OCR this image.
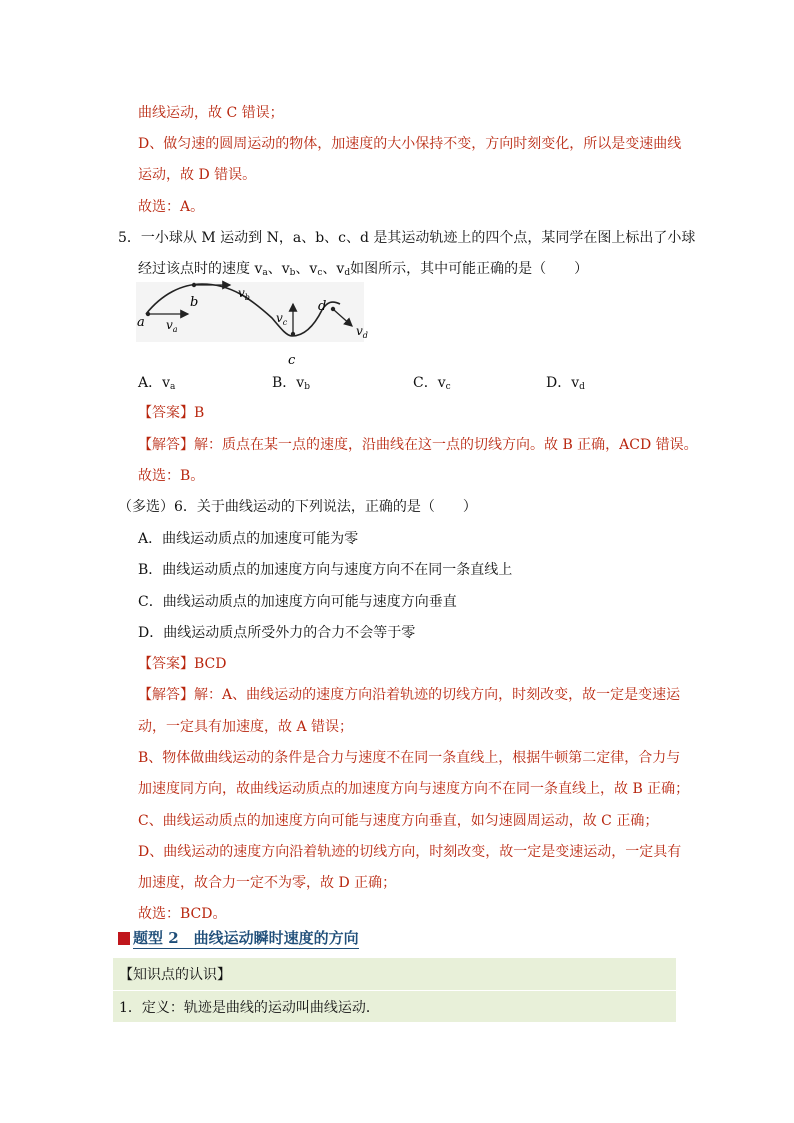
曲线运动，故 C 错误；
D、做匀速的圆周运动的物体，加速度的大小保持不变，方向时刻变化，所以是变速曲线
运动，故 D 错误。
故选：A。
5．一小球从 M 运动到 N，a、b、c、d 是其运动轨迹上的四个点，某同学在图上标出了小球
经过该点时的速度 $v_a$、$v_b$、$v_c$、$v_d$如图所示，其中可能正确的是（　　）
a
b
c
d
$v_a$
$v_b$
$v_c$
$v_d$
A．$v_a$	B．$v_b$	C．$v_c$	D．$v_d$
【答案】B
【解答】解：质点在某一点的速度，沿曲线在这一点的切线方向。故 B 正确，ACD 错误。
故选：B。
（多选）6．关于曲线运动的下列说法，正确的是（　　）
A．曲线运动质点的加速度可能为零
B．曲线运动质点的加速度方向与速度方向不在同一条直线上
C．曲线运动质点的加速度方向可能与速度方向垂直
D．曲线运动质点所受外力的合力不会等于零
【答案】BCD
【解答】解：A、曲线运动的速度方向沿着轨迹的切线方向，时刻改变，故一定是变速运
动，一定具有加速度，故 A 错误；
B、物体做曲线运动的条件是合力与速度不在同一条直线上，根据牛顿第二定律，合力与
加速度同方向，故曲线运动质点的加速度方向与速度方向不在同一条直线上，故 B 正确；
C、曲线运动质点的加速度方向可能与速度方向垂直，如匀速圆周运动，故 C 正确；
D、曲线运动的速度方向沿着轨迹的切线方向，时刻改变，故一定是变速运动，一定具有
加速度，故合力一定不为零，故 D 正确；
故选：BCD。
题型 2　曲线运动瞬时速度的方向
【知识点的认识】
1．定义：轨迹是曲线的运动叫曲线运动．
